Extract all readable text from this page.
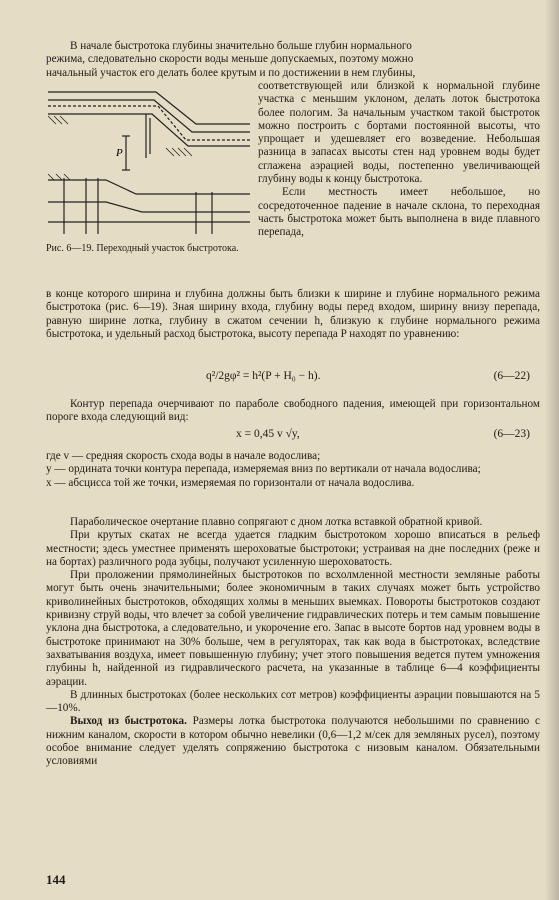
В начале быстротока глубины значительно больше глубин нормального

режима, следовательно скорости воды меньше допускаемых, поэтому можно

начальный участок его делать более крутым и по достижении в нем глубины,

P
Рис. 6—19. Переходный участок быстротока.

соответствующей или близкой к нормальной глубине участка с меньшим уклоном, делать лоток быстротока более пологим. За начальным участком такой быстроток можно построить с бортами постоянной высоты, что упрощает и удешевляет его возведение. Небольшая разница в запасах высоты стен над уровнем воды будет сглажена аэрацией воды, постепенно увеличивающей глубину воды к концу быстротока.

Если местность имеет небольшое, но сосредоточенное падение в начале склона, то переходная часть быстротока может быть выполнена в виде плавного перепада,

в конце которого ширина и глубина должны быть близки к ширине и глубине нормального режима быстротока (рис. 6—19). Зная ширину входа, глубину воды перед входом, ширину внизу перепада, равную ширине лотка, глубину в сжатом сечении h, близкую к глубине нормального режима быстротока, и удельный расход быстротока, высоту перепада P находят по уравнению:
q²/2gφ² = h²(P + H₀ − h).	(6—22)

Контур перепада очерчивают по параболе свободного падения, имеющей при горизонтальном пороге входа следующий вид:

x = 0,45 v √y,	(6—23)

где v — средняя скорость схода воды в начале водослива;

y — ордината точки контура перепада, измеряемая вниз по вертикали от начала водослива;

x — абсцисса той же точки, измеряемая по горизонтали от начала водослива.

Параболическое очертание плавно сопрягают с дном лотка вставкой обратной кривой.

При крутых скатах не всегда удается гладким быстротоком хорошо вписаться в рельеф местности; здесь уместнее применять шероховатые быстротоки; устраивая на дне последних (реже и на бортах) различного рода зубцы, получают усиленную шероховатость.

При проложении прямолинейных быстротоков по всхолмленной местности земляные работы могут быть очень значительными; более экономичным в таких случаях может быть устройство криволинейных быстротоков, обходящих холмы в меньших выемках. Повороты быстротоков создают кривизну струй воды, что влечет за собой увеличение гидравлических потерь и тем самым повышение уклона дна быстротока, а следовательно, и укорочение его. Запас в высоте бортов над уровнем воды в быстротоке принимают на 30% больше, чем в регуляторах, так как вода в быстротоках, вследствие захватывания воздуха, имеет повышенную глубину; учет этого повышения ведется путем умножения глубины h, найденной из гидравлического расчета, на указанные в таблице 6—4 коэффициенты аэрации.

В длинных быстротоках (более нескольких сот метров) коэффициенты аэрации повышаются на 5—10%.

Выход из быстротока. Размеры лотка быстротока получаются небольшими по сравнению с нижним каналом, скорости в котором обычно невелики (0,6—1,2 м/сек для земляных русел), поэтому особое внимание следует уделять сопряжению быстротока с низовым каналом. Обязательными условиями

144
